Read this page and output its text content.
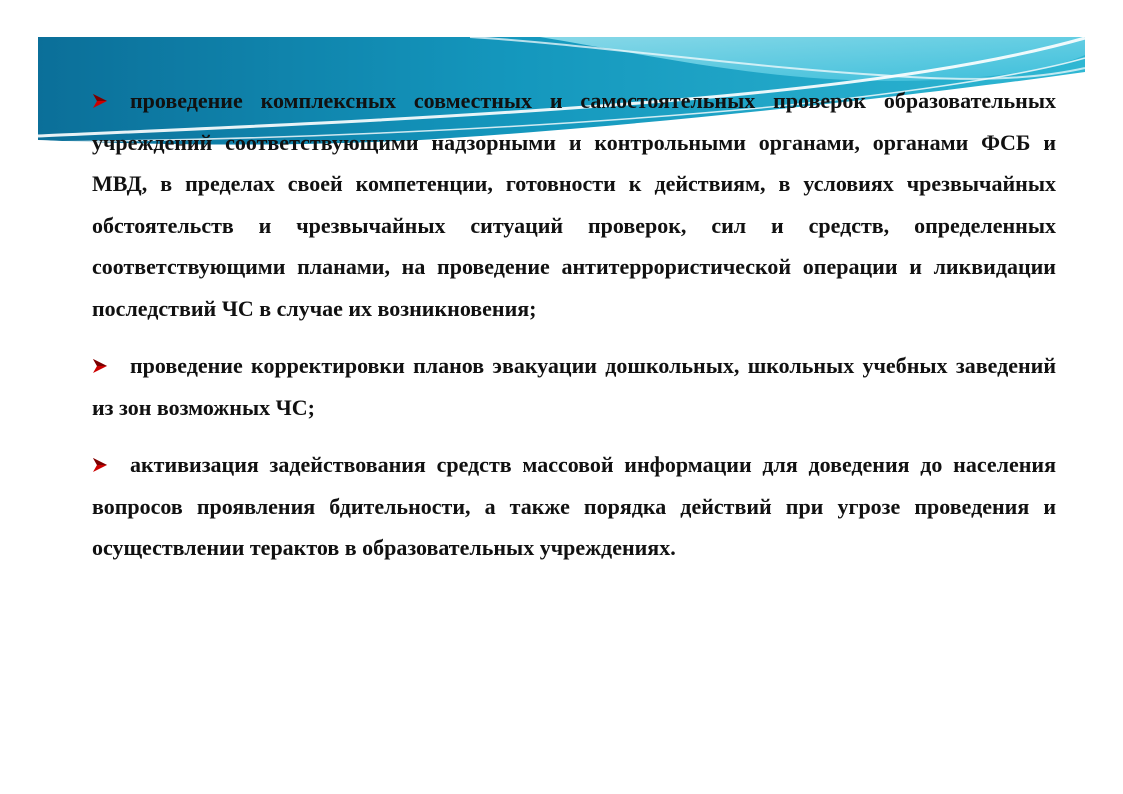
проведение комплексных совместных и самостоятельных проверок образовательных учреждений соответствующими надзорными и контрольными органами, органами ФСБ и МВД, в пределах своей компетенции, готовности к действиям, в условиях чрезвычайных обстоятельств и чрезвычайных ситуаций проверок, сил и средств, определенных соответствующими планами, на проведение антитеррористической операции и ликвидации последствий ЧС в случае их возникновения;

проведение корректировки планов эвакуации дошкольных, школьных учебных заведений из зон возможных ЧС;

активизация задействования средств массовой информации для доведения до населения вопросов проявления бдительности, а также порядка действий при угрозе проведения и осуществлении терактов в образовательных учреждениях.
